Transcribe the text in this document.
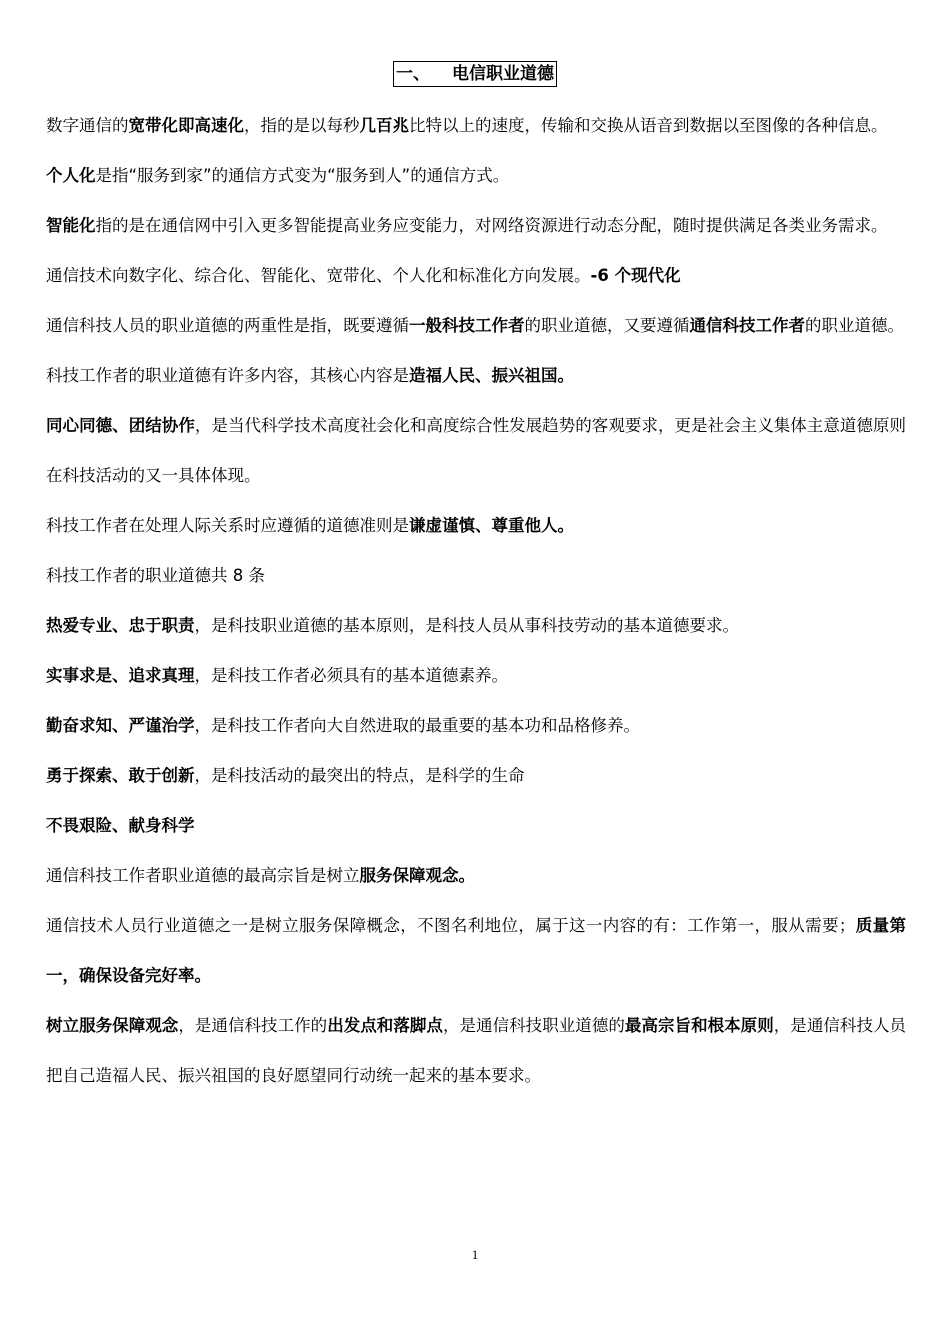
一、 电信职业道德

数字通信的宽带化即高速化，指的是以每秒几百兆比特以上的速度，传输和交换从语音到数据以至图像的各种信息。

个人化是指“服务到家”的通信方式变为“服务到人”的通信方式。

智能化指的是在通信网中引入更多智能提高业务应变能力，对网络资源进行动态分配，随时提供满足各类业务需求。

通信技术向数字化、综合化、智能化、宽带化、个人化和标准化方向发展。-6 个现代化

通信科技人员的职业道德的两重性是指，既要遵循一般科技工作者的职业道德，又要遵循通信科技工作者的职业道德。

科技工作者的职业道德有许多内容，其核心内容是造福人民、振兴祖国。

同心同德、团结协作，是当代科学技术高度社会化和高度综合性发展趋势的客观要求，更是社会主义集体主意道德原则在科技活动的又一具体体现。

科技工作者在处理人际关系时应遵循的道德准则是谦虚谨慎、尊重他人。

科技工作者的职业道德共 8 条

热爱专业、忠于职责，是科技职业道德的基本原则，是科技人员从事科技劳动的基本道德要求。

实事求是、追求真理，是科技工作者必须具有的基本道德素养。

勤奋求知、严谨治学，是科技工作者向大自然进取的最重要的基本功和品格修养。

勇于探索、敢于创新，是科技活动的最突出的特点，是科学的生命

不畏艰险、献身科学

通信科技工作者职业道德的最高宗旨是树立服务保障观念。

通信技术人员行业道德之一是树立服务保障概念，不图名利地位，属于这一内容的有：工作第一，服从需要；质量第一，确保设备完好率。

树立服务保障观念，是通信科技工作的出发点和落脚点，是通信科技职业道德的最高宗旨和根本原则，是通信科技人员把自己造福人民、振兴祖国的良好愿望同行动统一起来的基本要求。

1
